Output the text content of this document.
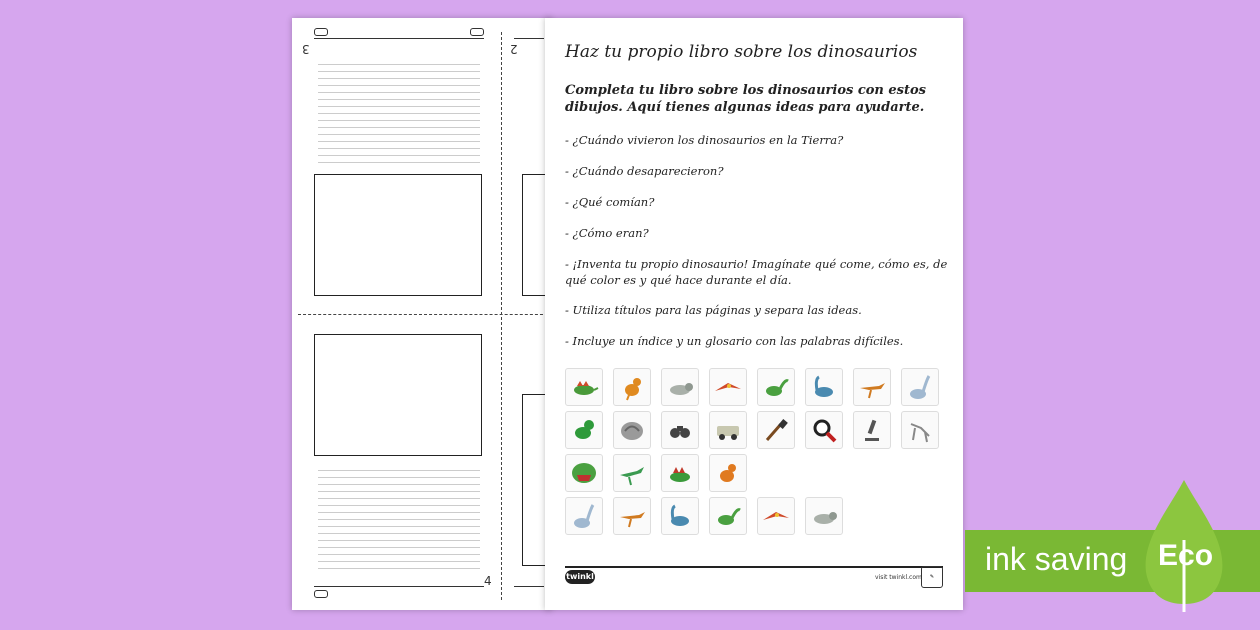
3	2
4
Haz tu propio libro sobre los dinosaurios
Completa tu libro sobre los dinosaurios con estos dibujos. Aquí tienes algunas ideas para ayudarte.
- ¿Cuándo vivieron los dinosaurios en la Tierra?
- ¿Cuándo desaparecieron?
- ¿Qué comían?
- ¿Cómo eran?
- ¡Inventa tu propio dinosaurio! Imagínate qué come, cómo es, de qué color es y qué hace durante el día.
- Utiliza títulos para las páginas y separa las ideas.
- Incluye un índice y un glosario con las palabras difíciles.
twinkl	visit twinkl.com	✎ ink saving Eco
